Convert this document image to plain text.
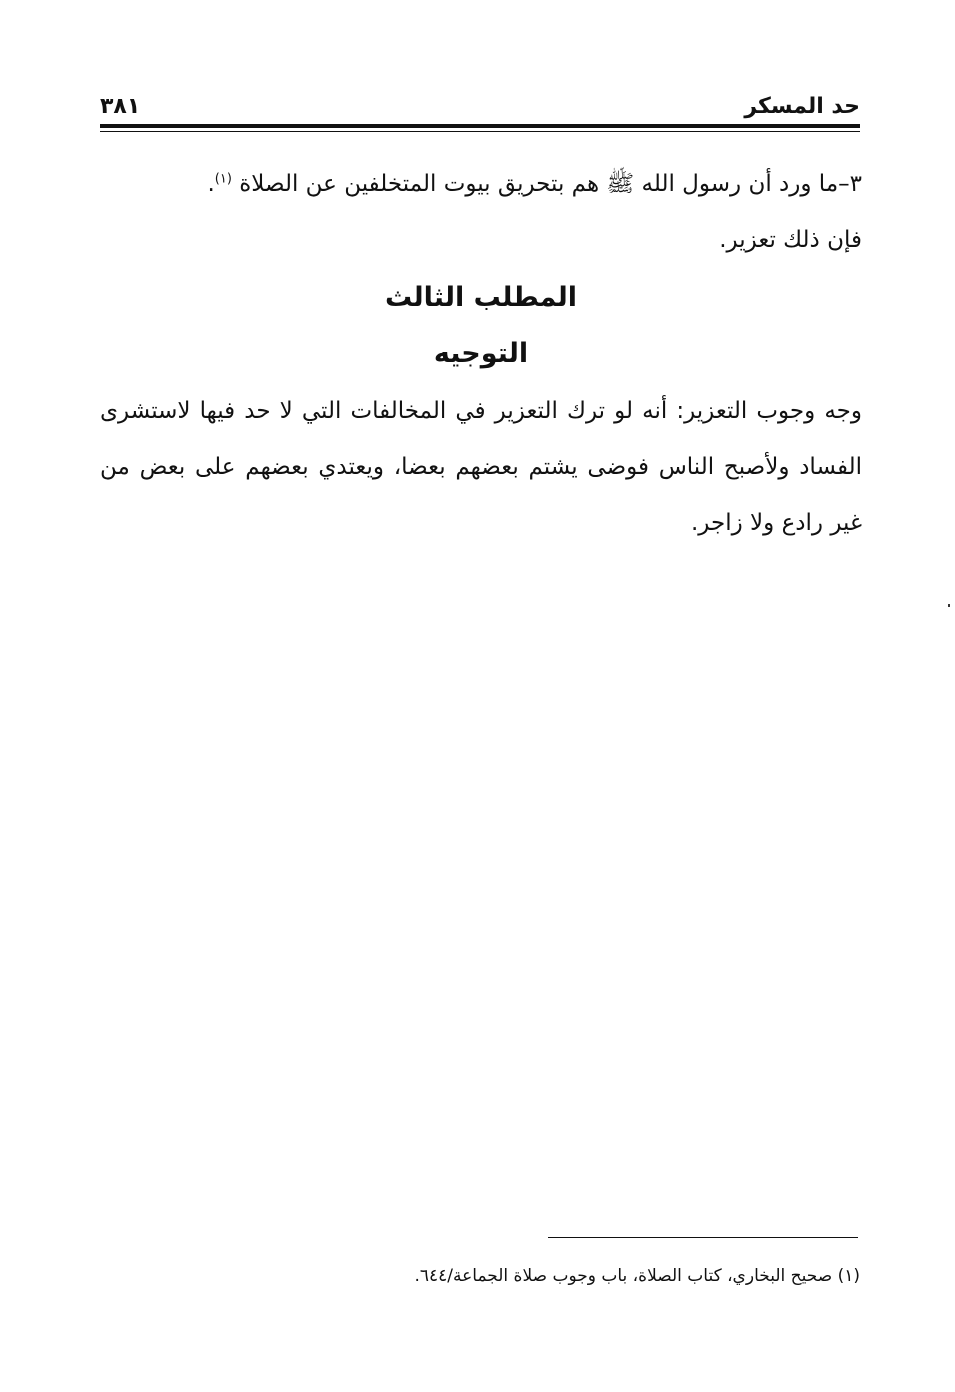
حد المسكر
٣٨١
٣–ما ورد أن رسول الله ﷺ هم بتحريق بيوت المتخلفين عن الصلاة $^{(١)}$.
فإن ذلك تعزير.
المطلب الثالث
التوجيه
وجه وجوب التعزير: أنه لو ترك التعزير في المخالفات التي لا حد فيها لاستشرى الفساد ولأصبح الناس فوضى يشتم بعضهم بعضا، ويعتدي بعضهم على بعض من غير رادع ولا زاجر.
(١) صحيح البخاري، كتاب الصلاة، باب وجوب صلاة الجماعة/٦٤٤.
